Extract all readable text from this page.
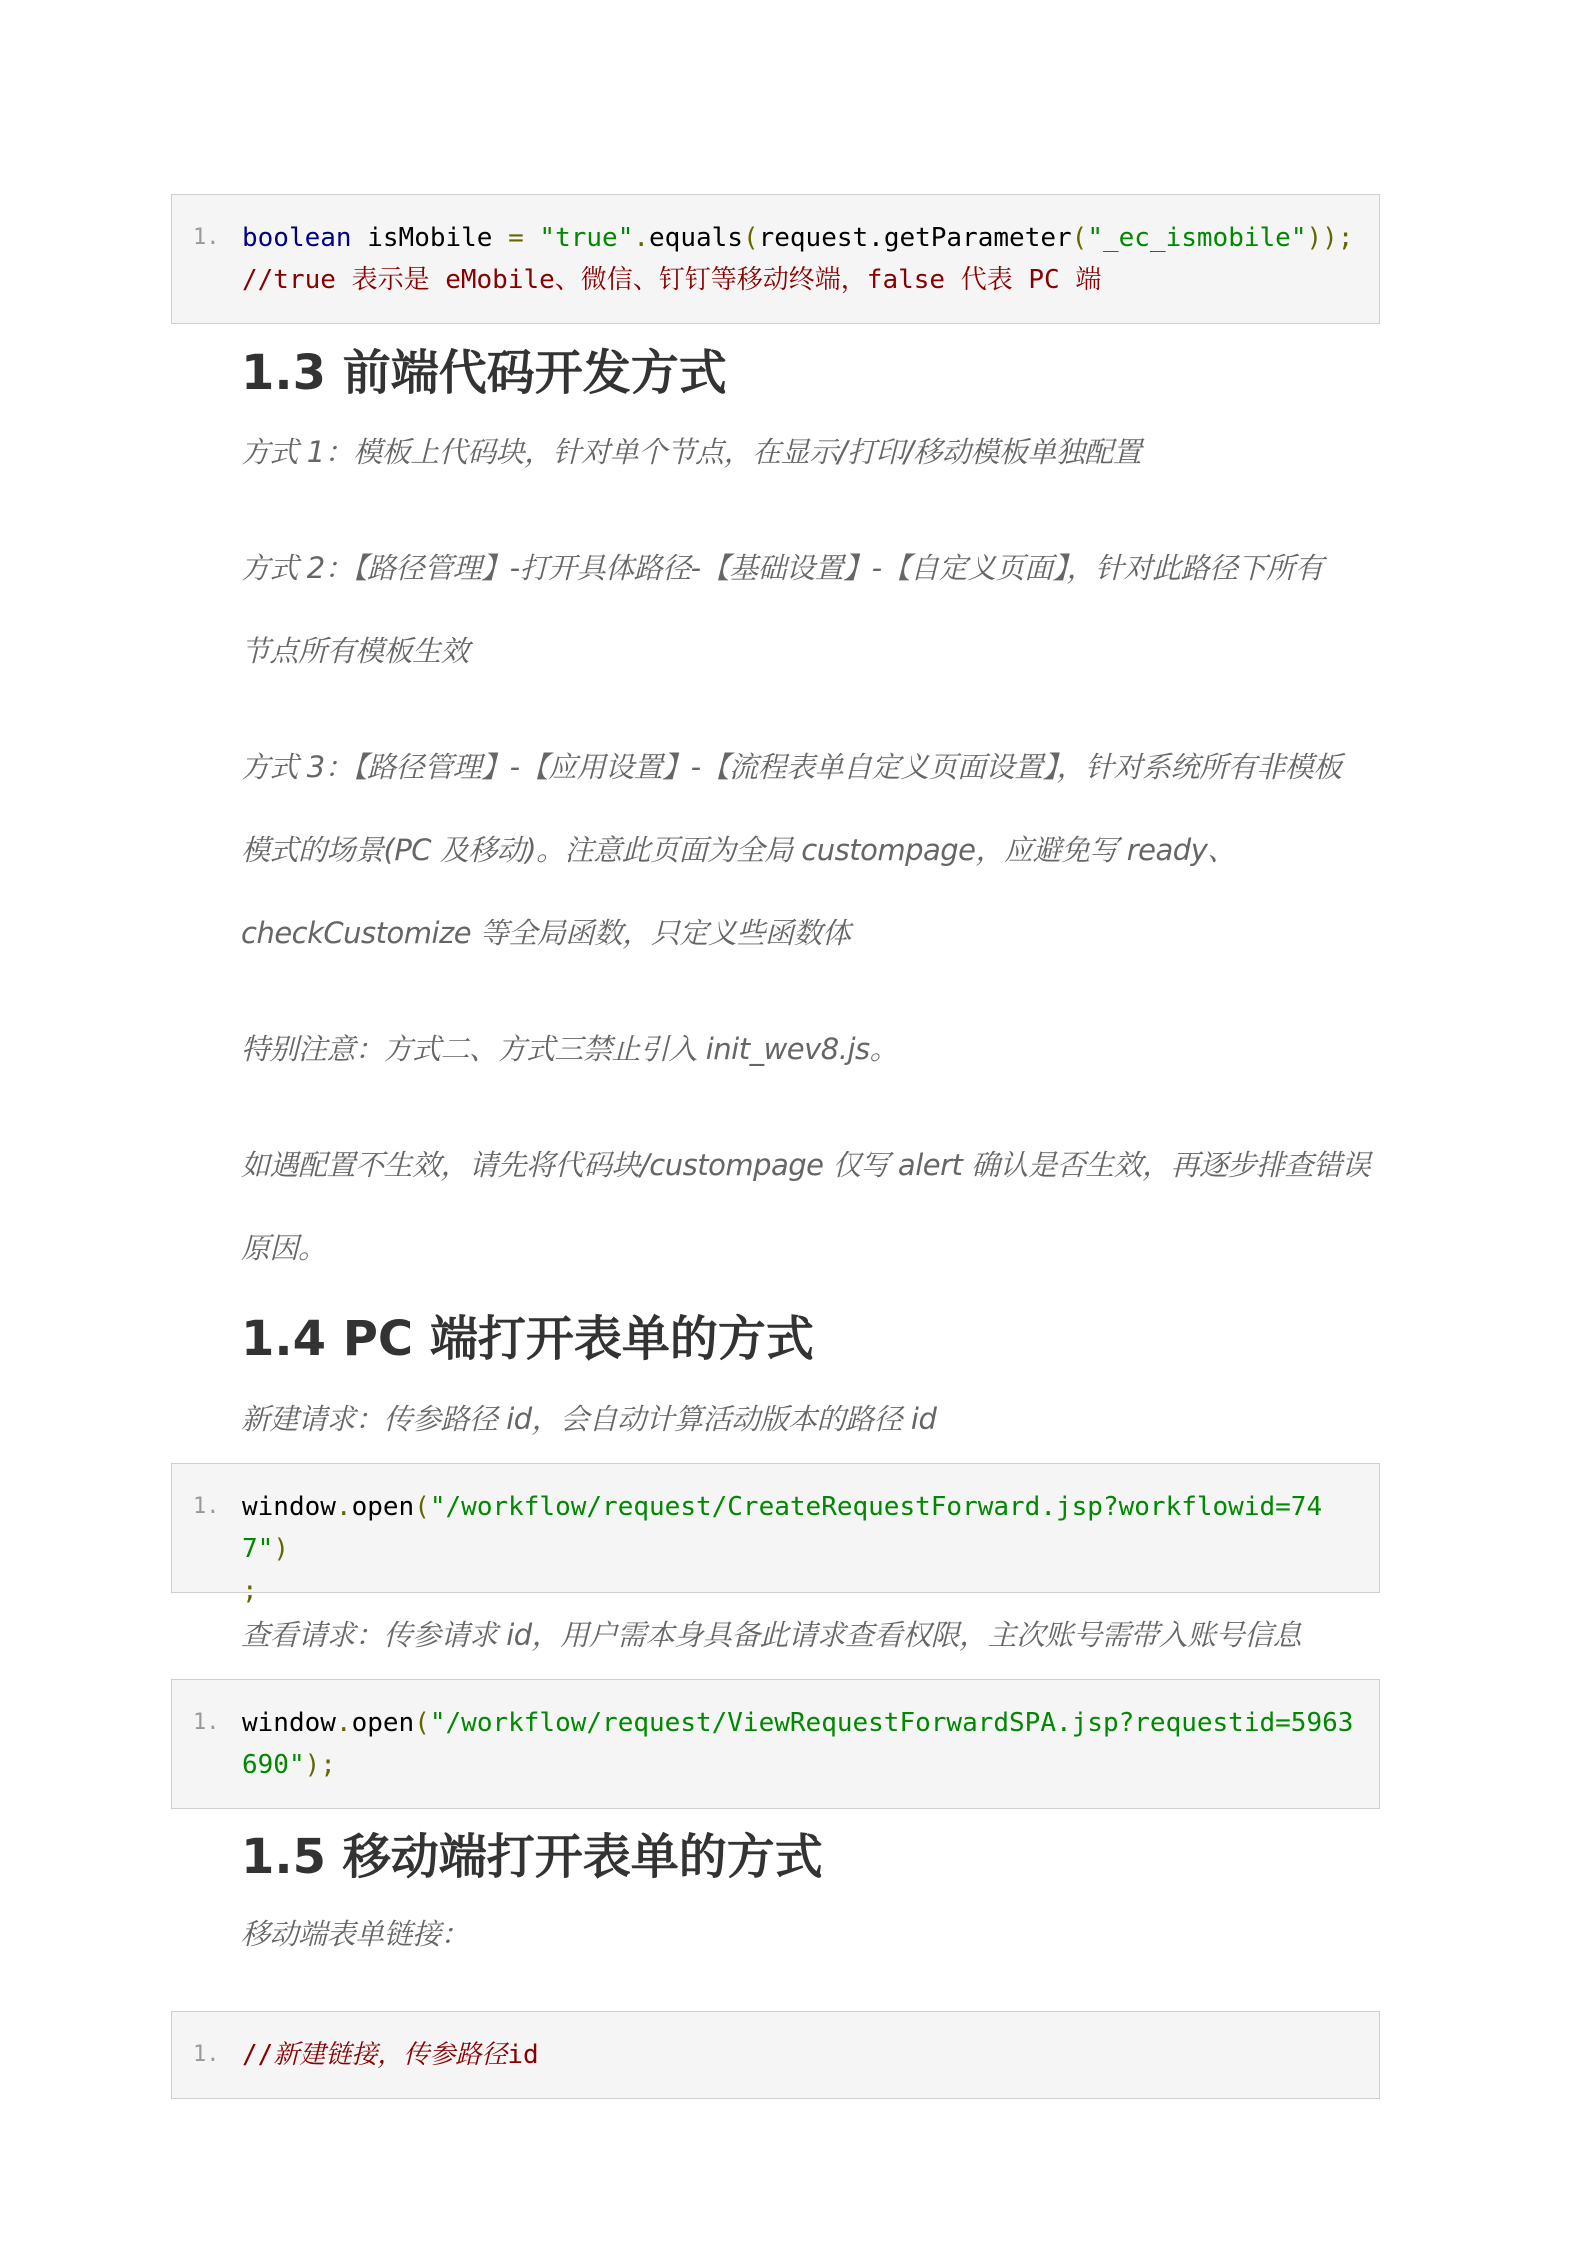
1. boolean isMobile = "true".equals(request.getParameter("_ec_ismobile"));
//true 表示是 eMobile、微信、钉钉等移动终端，false 代表 PC 端
1.3 前端代码开发方式

方式 1：模板上代码块，针对单个节点，在显示/打印/移动模板单独配置

方式 2：【路径管理】-打开具体路径-【基础设置】-【自定义页面】，针对此路径下所有

节点所有模板生效

方式 3：【路径管理】-【应用设置】-【流程表单自定义页面设置】，针对系统所有非模板

模式的场景(PC 及移动)。注意此页面为全局 custompage，应避免写 ready、

checkCustomize 等全局函数，只定义些函数体

特别注意：方式二、方式三禁止引入 init_wev8.js。

如遇配置不生效，请先将代码块/custompage 仅写 alert 确认是否生效，再逐步排查错误

原因。

1.4 PC 端打开表单的方式

新建请求：传参路径 id，会自动计算活动版本的路径 id

1. window.open("/workflow/request/CreateRequestForward.jsp?workflowid=747")
;

查看请求：传参请求 id，用户需本身具备此请求查看权限，主次账号需带入账号信息

1. window.open("/workflow/request/ViewRequestForwardSPA.jsp?requestid=5963
690");
1.5 移动端打开表单的方式

移动端表单链接：

1. //新建链接，传参路径id
